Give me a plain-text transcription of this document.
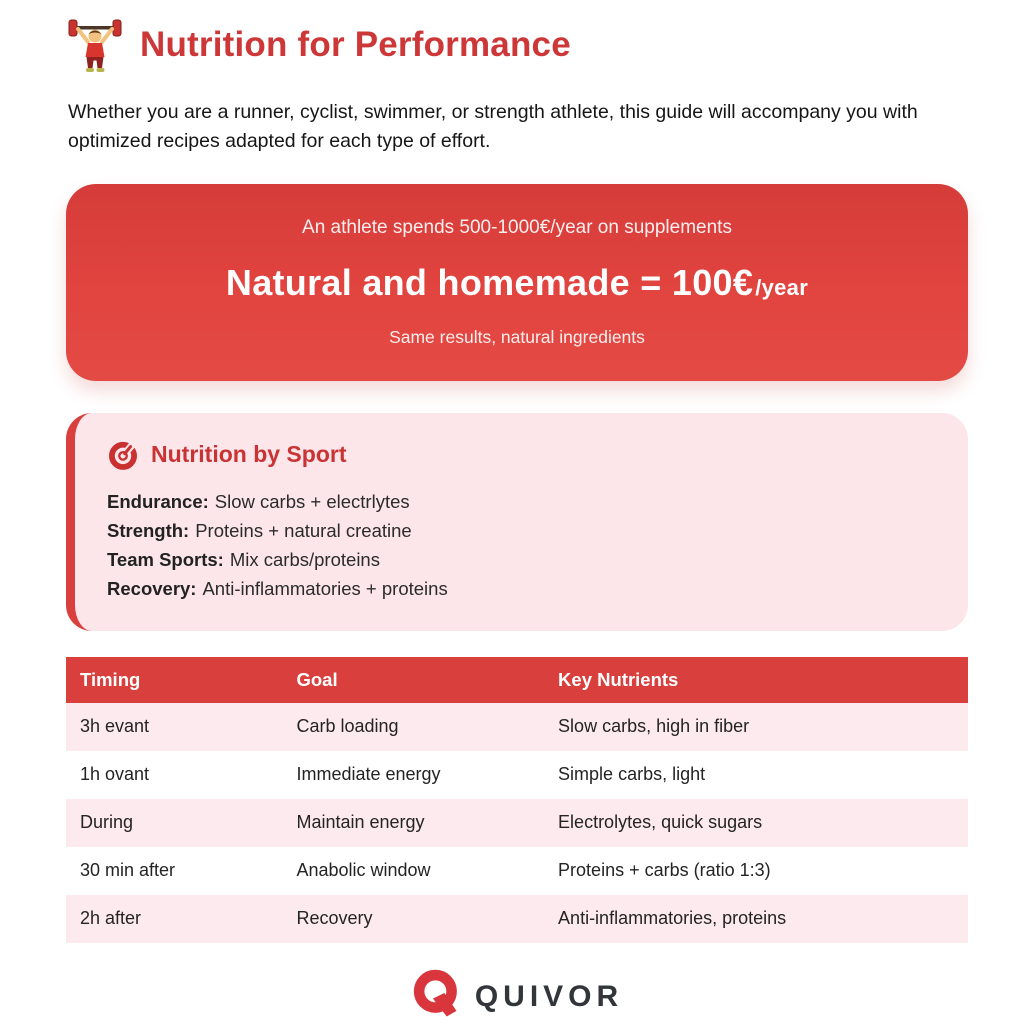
Nutrition for Performance

Whether you are a runner, cyclist, swimmer, or strength athlete, this guide will accompany you with optimized recipes adapted for each type of effort.

An athlete spends 500-1000€/year on supplements
Natural and homemade = 100€ /year
Same results, natural ingredients
Nutrition by Sport
Endurance: Slow carbs + electrlytes
Strength: Proteins + natural creatine
Team Sports: Mix carbs/proteins
Recovery: Anti-inflammatories + proteins
Timing	Goal	Key Nutrients
3h evant	Carb loading	Slow carbs, high in fiber
1h ovant	Immediate energy	Simple carbs, light
During	Maintain energy	Electrolytes, quick sugars
30 min after	Anabolic window	Proteins + carbs (ratio 1:3)
2h after	Recovery	Anti-inflammatories, proteins
QUIVOR
